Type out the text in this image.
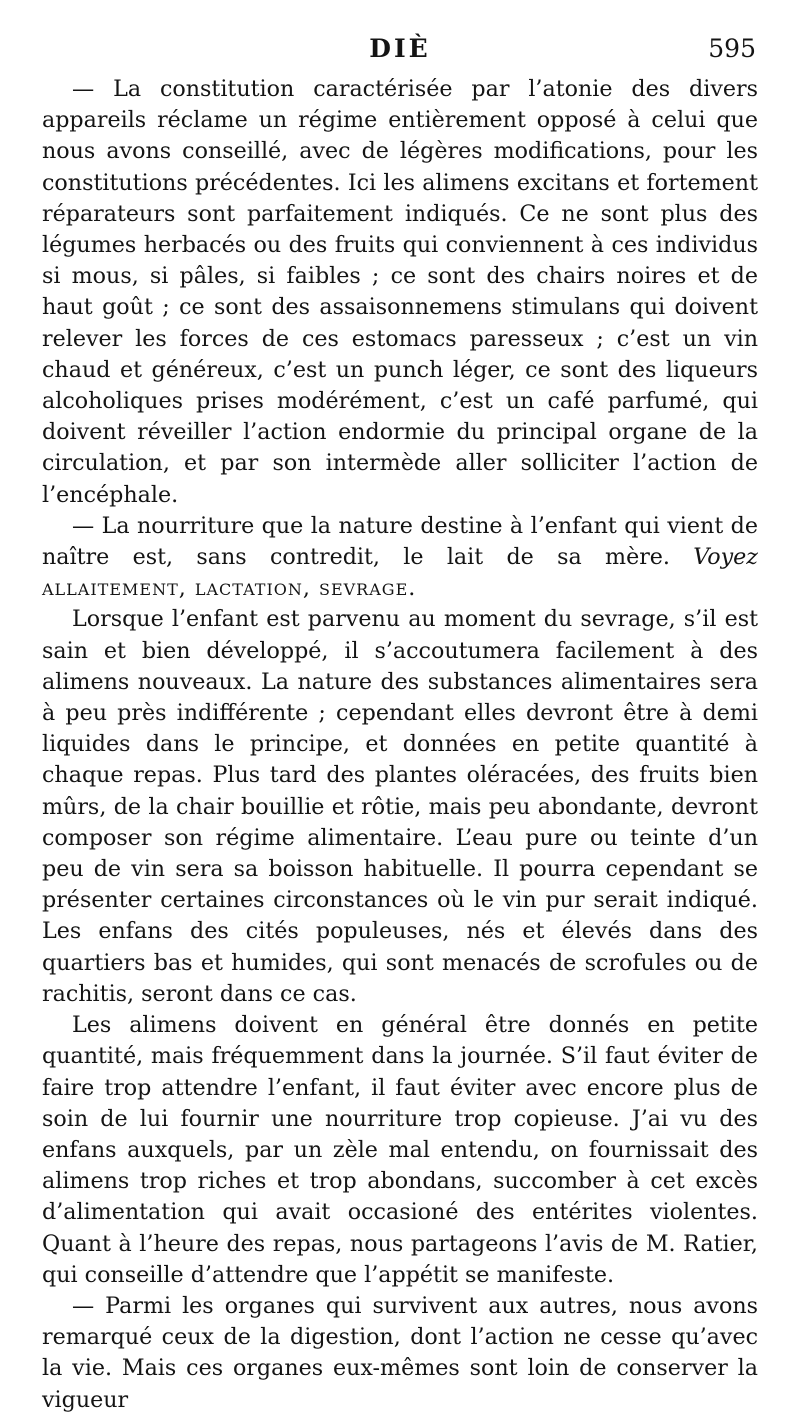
DIÈ	595

— La constitution caractérisée par l’atonie des divers appareils réclame un régime entièrement opposé à celui que nous avons conseillé, avec de légères modifications, pour les constitutions précédentes. Ici les alimens excitans et fortement réparateurs sont parfaitement indiqués. Ce ne sont plus des légumes herbacés ou des fruits qui conviennent à ces individus si mous, si pâles, si faibles ; ce sont des chairs noires et de haut goût ; ce sont des assaisonnemens stimulans qui doivent relever les forces de ces estomacs paresseux ; c’est un vin chaud et généreux, c’est un punch léger, ce sont des liqueurs alcoholiques prises modérément, c’est un café parfumé, qui doivent réveiller l’action endormie du principal organe de la circulation, et par son intermède aller solliciter l’action de l’encéphale.

— La nourriture que la nature destine à l’enfant qui vient de naître est, sans contredit, le lait de sa mère. Voyez allaitement, lactation, sevrage.

Lorsque l’enfant est parvenu au moment du sevrage, s’il est sain et bien développé, il s’accoutumera facilement à des alimens nouveaux. La nature des substances alimentaires sera à peu près indifférente ; cependant elles devront être à demi liquides dans le principe, et données en petite quantité à chaque repas. Plus tard des plantes oléracées, des fruits bien mûrs, de la chair bouillie et rôtie, mais peu abondante, devront composer son régime alimentaire. L’eau pure ou teinte d’un peu de vin sera sa boisson habituelle. Il pourra cependant se présenter certaines circonstances où le vin pur serait indiqué. Les enfans des cités populeuses, nés et élevés dans des quartiers bas et humides, qui sont menacés de scrofules ou de rachitis, seront dans ce cas.

Les alimens doivent en général être donnés en petite quantité, mais fréquemment dans la journée. S’il faut éviter de faire trop attendre l’enfant, il faut éviter avec encore plus de soin de lui fournir une nourriture trop copieuse. J’ai vu des enfans auxquels, par un zèle mal entendu, on fournissait des alimens trop riches et trop abondans, succomber à cet excès d’alimentation qui avait occasioné des entérites violentes. Quant à l’heure des repas, nous partageons l’avis de M. Ratier, qui conseille d’attendre que l’appétit se manifeste.

— Parmi les organes qui survivent aux autres, nous avons remarqué ceux de la digestion, dont l’action ne cesse qu’avec la vie. Mais ces organes eux-mêmes sont loin de conserver la vigueur
